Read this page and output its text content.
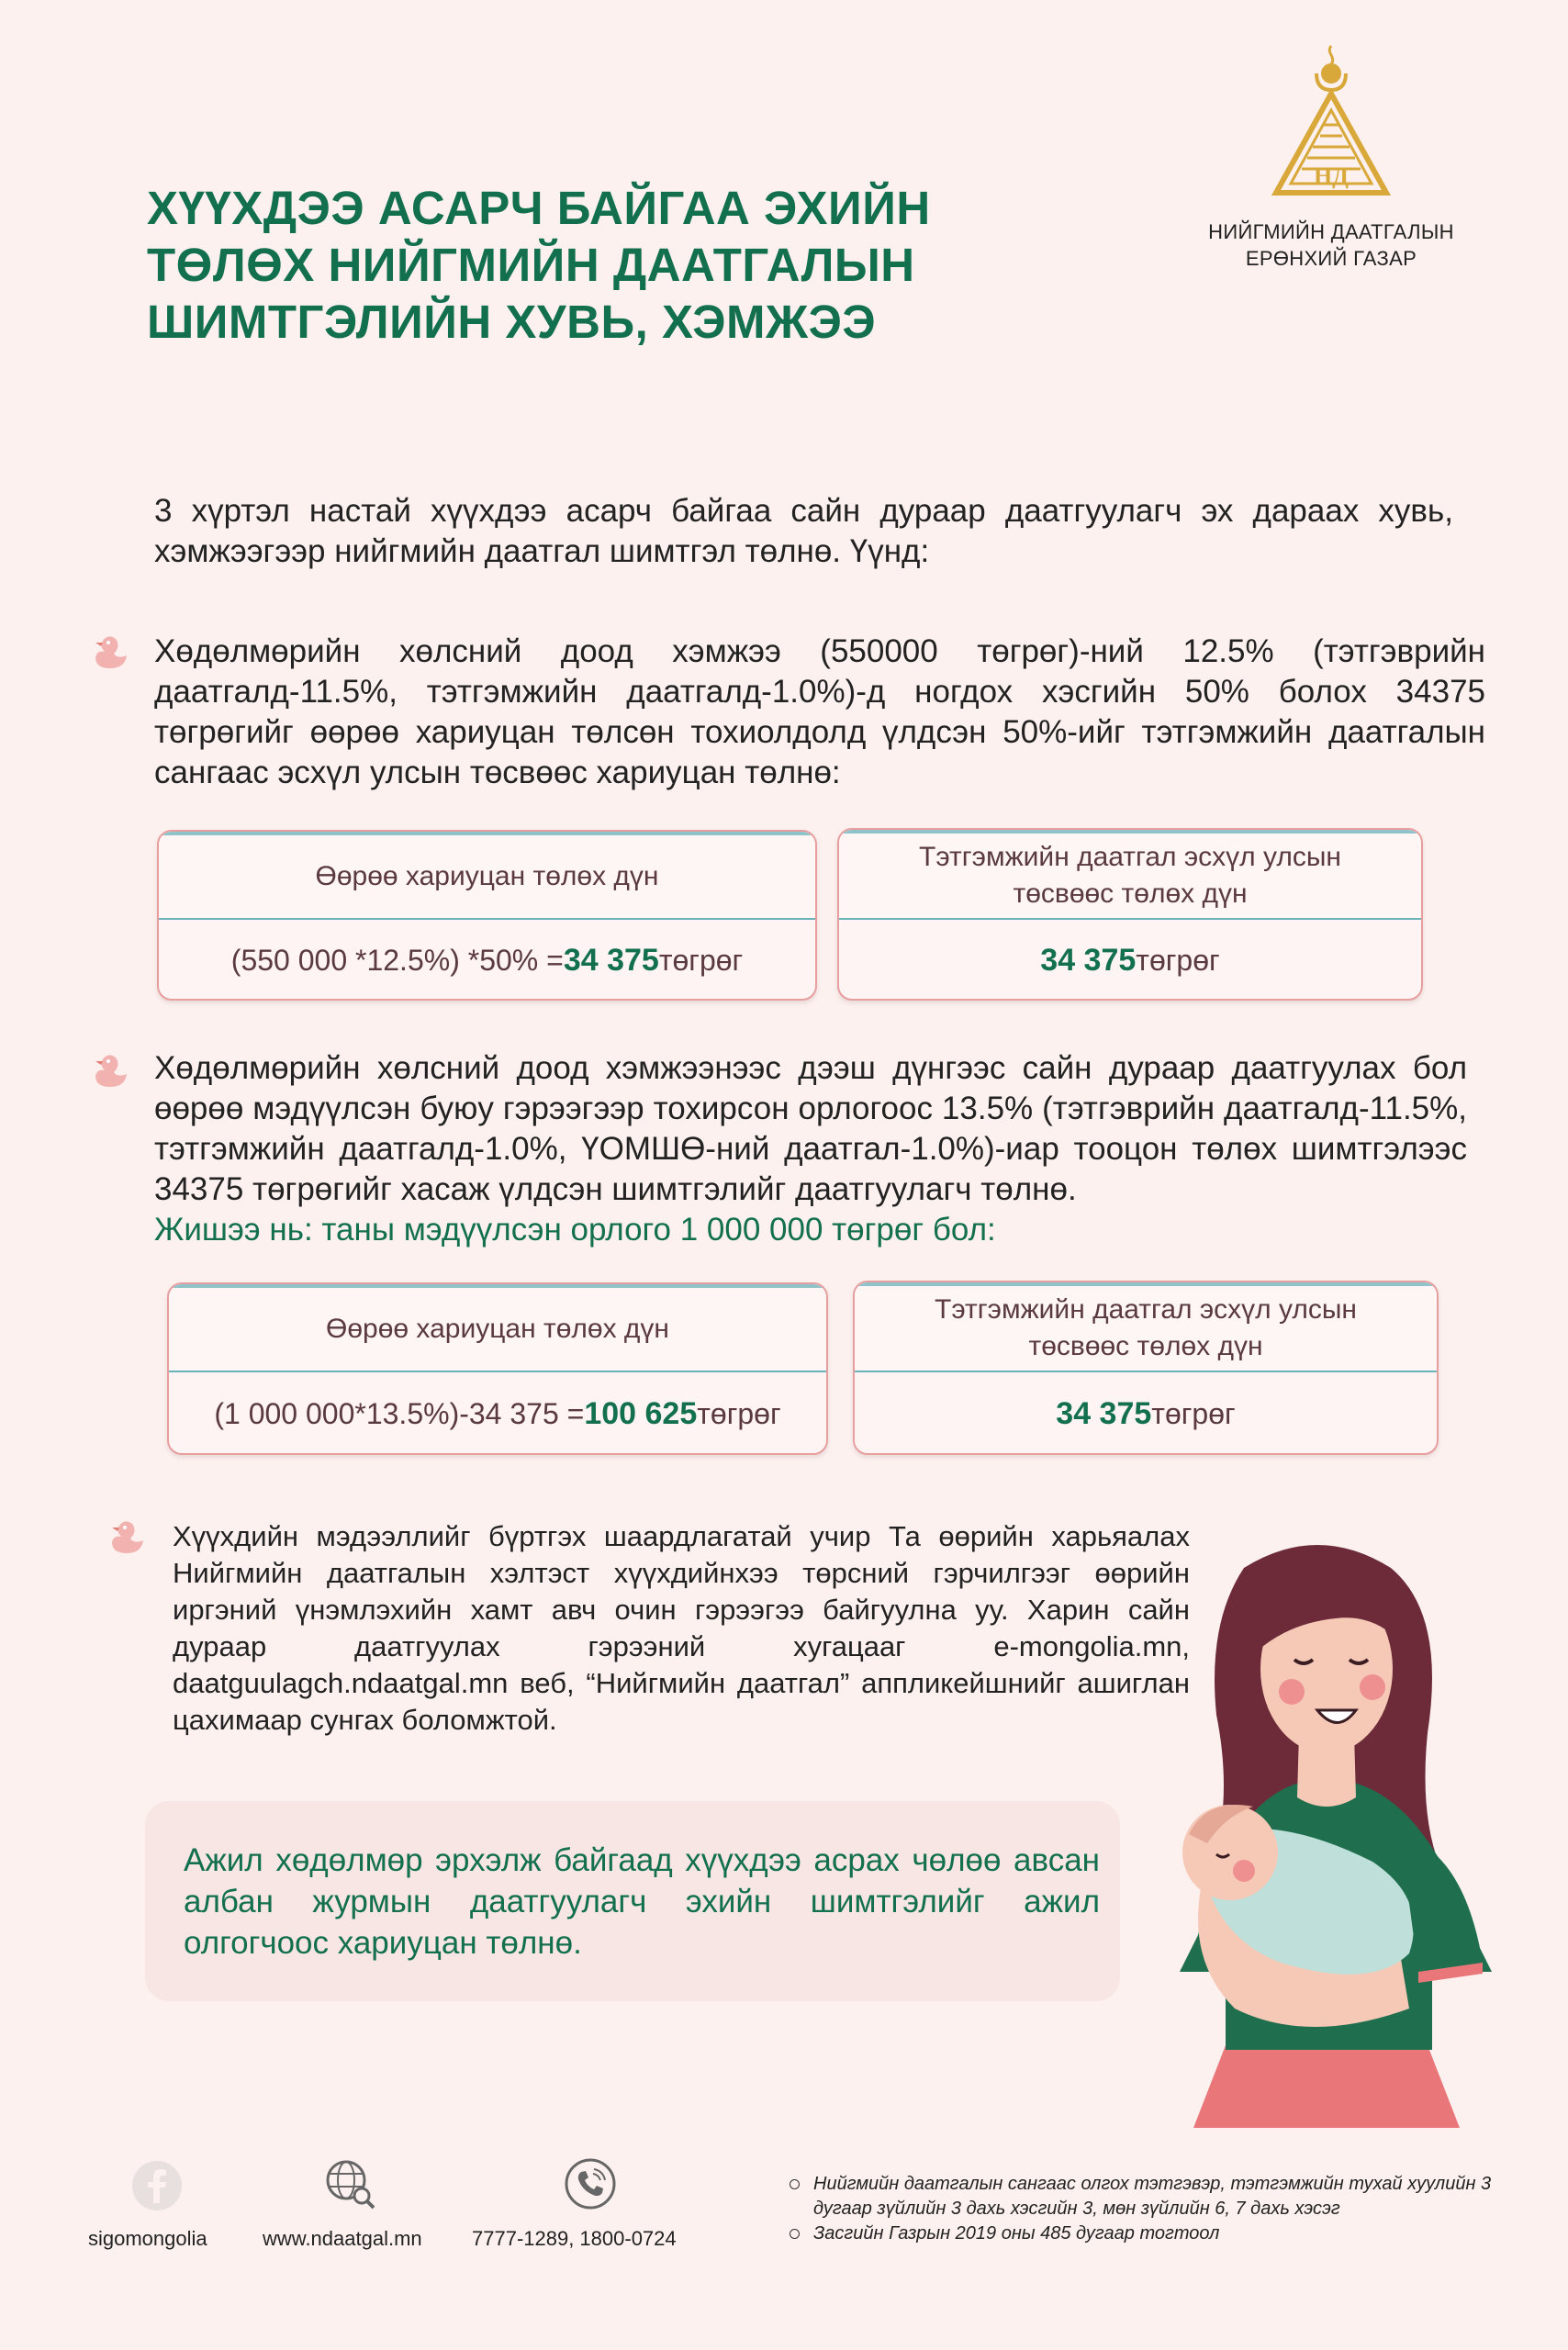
ХҮҮХДЭЭ АСАРЧ БАЙГАА ЭХИЙН
ТӨЛӨХ НИЙГМИЙН ДААТГАЛЫН
ШИМТГЭЛИЙН ХУВЬ, ХЭМЖЭЭ
НД
НИЙГМИЙН ДААТГАЛЫН
ЕРӨНХИЙ ГАЗАР
3 хүртэл настай хүүхдээ асарч байгаа сайн дураар даатгуулагч эх дараах хувь, хэмжээгээр нийгмийн даатгал шимтгэл төлнө. Үүнд:
Хөдөлмөрийн хөлсний доод хэмжээ (550000 төгрөг)-ний 12.5% (тэтгэврийн даатгалд-11.5%, тэтгэмжийн даатгалд-1.0%)-д ногдох хэсгийн 50% болох 34375 төгрөгийг өөрөө хариуцан төлсөн тохиолдолд үлдсэн 50%-ийг тэтгэмжийн даатгалын сангаас эсхүл улсын төсвөөс хариуцан төлнө:
Өөрөө хариуцан төлөх дүн
(550 000 *12.5%) *50% = 34 375 төгрөг
Тэтгэмжийн даатгал эсхүл улсын
төсвөөс төлөх дүн
34 375 төгрөг
Хөдөлмөрийн хөлсний доод хэмжээнээс дээш дүнгээс сайн дураар даатгуулах бол өөрөө мэдүүлсэн буюу гэрээгээр тохирсон орлогоос 13.5% (тэтгэврийн даатгалд-11.5%, тэтгэмжийн даатгалд-1.0%, ҮОМШӨ-ний даатгал-1.0%)-иар тооцон төлөх шимтгэлээс 34375 төгрөгийг хасаж үлдсэн шимтгэлийг даатгуулагч төлнө.
Жишээ нь: таны мэдүүлсэн орлого 1 000 000 төгрөг бол:
Өөрөө хариуцан төлөх дүн
(1 000 000*13.5%)-34 375 = 100 625 төгрөг
Тэтгэмжийн даатгал эсхүл улсын
төсвөөс төлөх дүн
34 375 төгрөг
Хүүхдийн мэдээллийг бүртгэх шаардлагатай учир Та өөрийн харьяалах Нийгмийн даатгалын хэлтэст хүүхдийнхээ төрсний гэрчилгээг өөрийн иргэний үнэмлэхийн хамт авч очин гэрээгээ байгуулна уу. Харин сайн дураар даатгуулах гэрээний хугацааг e-mongolia.mn, daatguulagch.ndaatgal.mn веб, “Нийгмийн даатгал” аппликейшнийг ашиглан цахимаар сунгах боломжтой.
Ажил хөдөлмөр эрхэлж байгаад хүүхдээ асрах чөлөө авсан албан журмын даатгуулагч эхийн шимтгэлийг ажил олгогчоос хариуцан төлнө.
sigomongolia	www.ndaatgal.mn 7777-1289, 1800-0724
Нийгмийн даатгалын сангаас олгох тэтгэвэр, тэтгэмжийн тухай хуулийн 3 дугаар зүйлийн 3 дахь хэсгийн 3, мөн зүйлийн 6, 7 дахь хэсэг
Засгийн Газрын 2019 оны 485 дугаар тогтоол
